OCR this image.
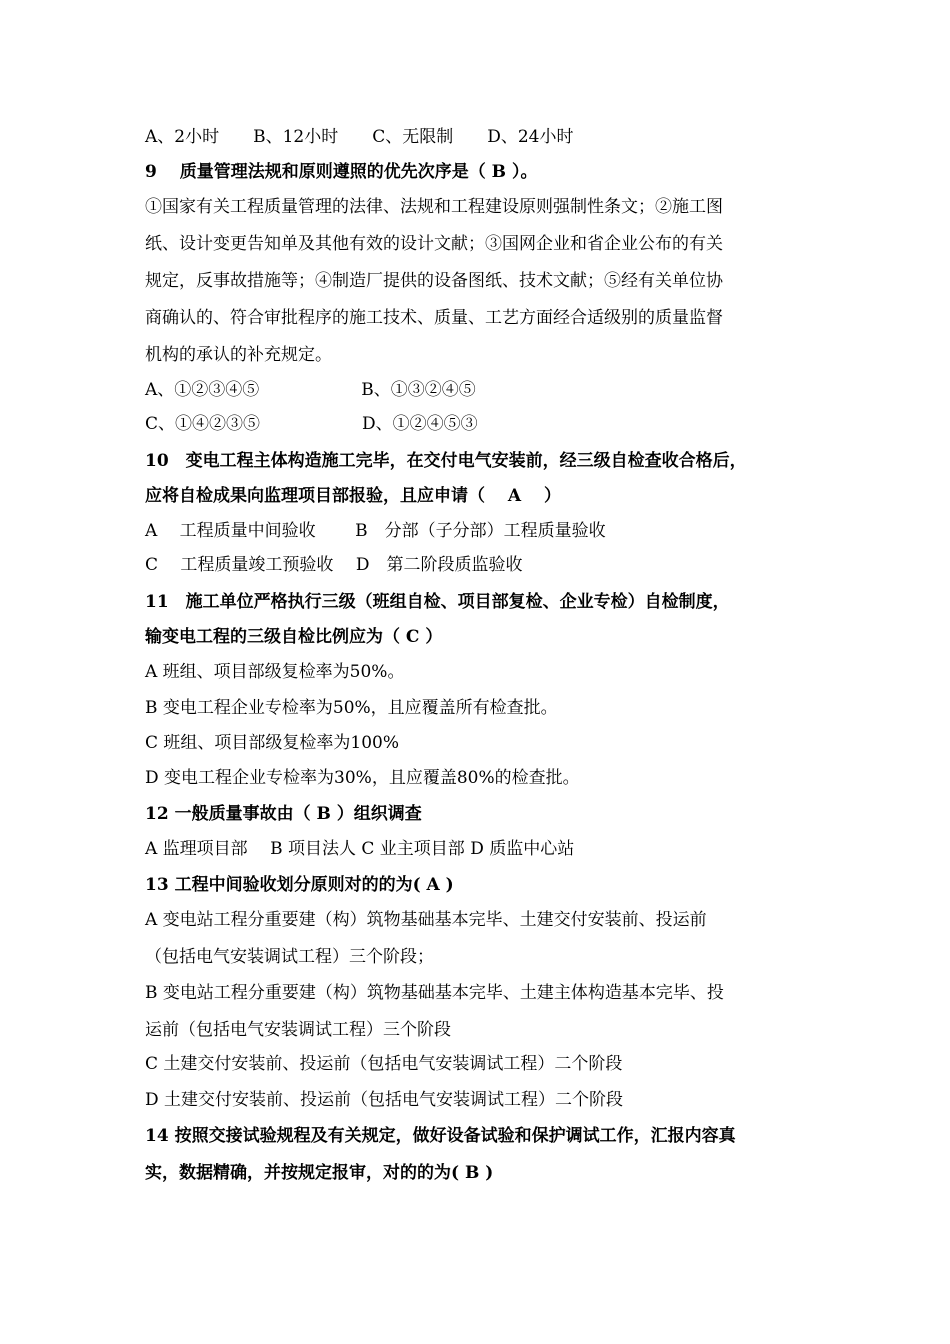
A、2小时　　B、12小时　　C、无限制　　D、24小时
9　 质量管理法规和原则遵照的优先次序是（ B ）。
①国家有关工程质量管理的法律、法规和工程建设原则强制性条文；②施工图
纸、设计变更告知单及其他有效的设计文献；③国网企业和省企业公布的有关
规定，反事故措施等；④制造厂提供的设备图纸、技术文献；⑤经有关单位协
商确认的、符合审批程序的施工技术、质量、工艺方面经合适级别的质量监督
机构的承认的补充规定。
A、①②③④⑤　　　　　　B、①③②④⑤
C、①④②③⑤　　　　　　D、①②④⑤③
10　变电工程主体构造施工完毕，在交付电气安装前，经三级自检查收合格后，
应将自检成果向监理项目部报验，且应申请（　 A　 ）
A　 工程质量中间验收　　 B　分部（子分部）工程质量验收
C　 工程质量竣工预验收　 D　第二阶段质监验收
11　施工单位严格执行三级（班组自检、项目部复检、企业专检）自检制度，
输变电工程的三级自检比例应为（ C ）
A 班组、项目部级复检率为50%。
B 变电工程企业专检率为50%，且应覆盖所有检查批。
C 班组、项目部级复检率为100%
D 变电工程企业专检率为30%，且应覆盖80%的检查批。
12 一般质量事故由（ B ）组织调查
A 监理项目部　 B 项目法人 C 业主项目部 D 质监中心站
13 工程中间验收划分原则对的的为( A )
A 变电站工程分重要建（构）筑物基础基本完毕、土建交付安装前、投运前
（包括电气安装调试工程）三个阶段；
B 变电站工程分重要建（构）筑物基础基本完毕、土建主体构造基本完毕、投
运前（包括电气安装调试工程）三个阶段
C 土建交付安装前、投运前（包括电气安装调试工程）二个阶段
D 土建交付安装前、投运前（包括电气安装调试工程）二个阶段
14 按照交接试验规程及有关规定，做好设备试验和保护调试工作，汇报内容真
实，数据精确，并按规定报审，对的的为( B )
